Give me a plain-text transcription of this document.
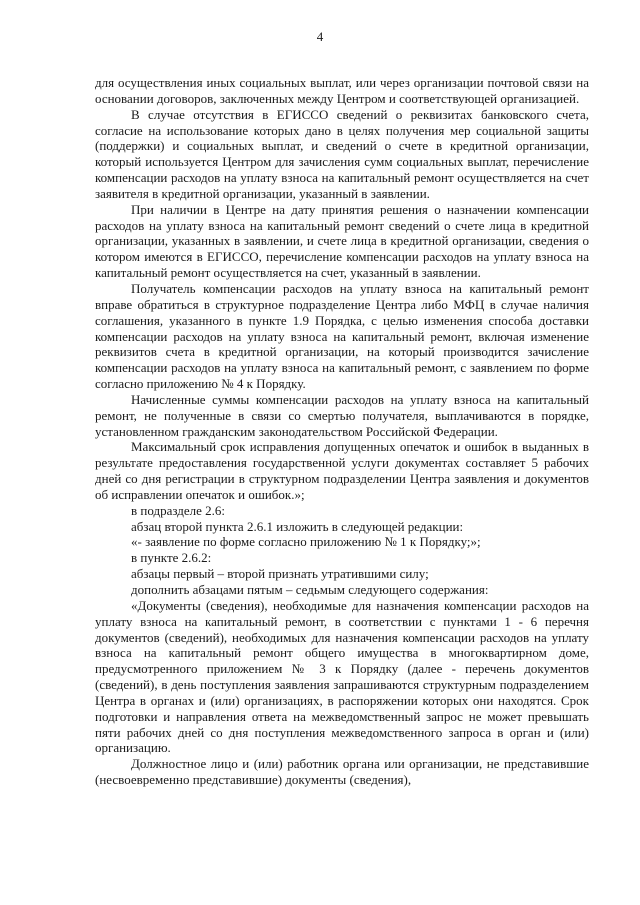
4

для осуществления иных социальных выплат, или через организации почтовой связи на основании договоров, заключенных между Центром и соответствующей организацией.

В случае отсутствия в ЕГИССО сведений о реквизитах банковского счета, согласие на использование которых дано в целях получения мер социальной защиты (поддержки) и социальных выплат, и сведений о счете в кредитной организации, который используется Центром для зачисления сумм социальных выплат, перечисление компенсации расходов на уплату взноса на капитальный ремонт осуществляется на счет заявителя в кредитной организации, указанный в заявлении.

При наличии в Центре на дату принятия решения о назначении компенсации расходов на уплату взноса на капитальный ремонт сведений о счете лица в кредитной организации, указанных в заявлении, и счете лица в кредитной организации, сведения о котором имеются в ЕГИССО, перечисление компенсации расходов на уплату взноса на капитальный ремонт осуществляется на счет, указанный в заявлении.

Получатель компенсации расходов на уплату взноса на капитальный ремонт вправе обратиться в структурное подразделение Центра либо МФЦ в случае наличия соглашения, указанного в пункте 1.9 Порядка, с целью изменения способа доставки компенсации расходов на уплату взноса на капитальный ремонт, включая изменение реквизитов счета в кредитной организации, на который производится зачисление компенсации расходов на уплату взноса на капитальный ремонт, с заявлением по форме согласно приложению № 4 к Порядку.

Начисленные суммы компенсации расходов на уплату взноса на капитальный ремонт, не полученные в связи со смертью получателя, выплачиваются в порядке, установленном гражданским законодательством Российской Федерации.

Максимальный срок исправления допущенных опечаток и ошибок в выданных в результате предоставления государственной услуги документах составляет 5 рабочих дней со дня регистрации в структурном подразделении Центра заявления и документов об исправлении опечаток и ошибок.»;

в подразделе 2.6:

абзац второй пункта 2.6.1 изложить в следующей редакции:

«- заявление по форме согласно приложению № 1 к Порядку;»;

в пункте 2.6.2:

абзацы первый – второй признать утратившими силу;

дополнить абзацами пятым – седьмым следующего содержания:

«Документы (сведения), необходимые для назначения компенсации расходов на уплату взноса на капитальный ремонт, в соответствии с пунктами 1 - 6 перечня документов (сведений), необходимых для назначения компенсации расходов на уплату взноса на капитальный ремонт общего имущества в многоквартирном доме, предусмотренного приложением № 3 к Порядку (далее - перечень документов (сведений), в день поступления заявления запрашиваются структурным подразделением Центра в органах и (или) организациях, в распоряжении которых они находятся. Срок подготовки и направления ответа на межведомственный запрос не может превышать пяти рабочих дней со дня поступления межведомственного запроса в орган и (или) организацию.

Должностное лицо и (или) работник органа или организации, не представившие (несвоевременно представившие) документы (сведения),
